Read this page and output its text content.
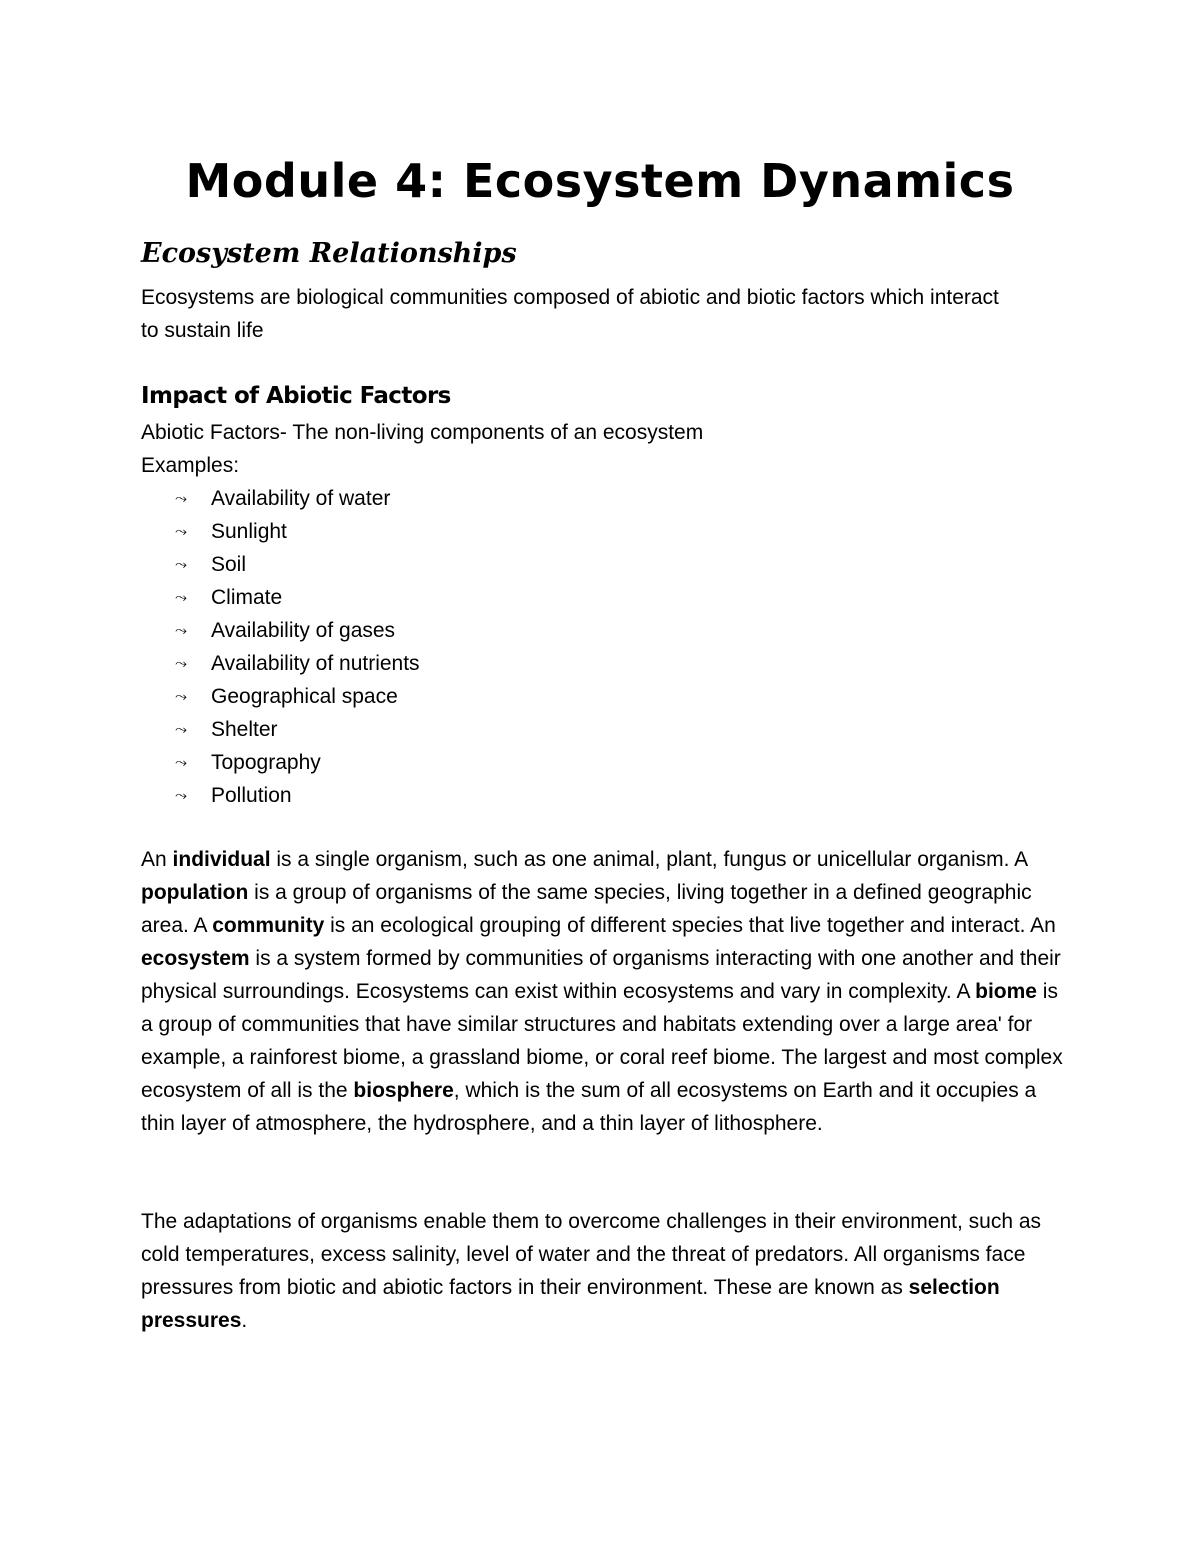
Module 4: Ecosystem Dynamics
Ecosystem Relationships

Ecosystems are biological communities composed of abiotic and biotic factors which interact to sustain life

Impact of Abiotic Factors

Abiotic Factors- The non-living components of an ecosystem

Examples:

⤳ Availability of water
⤳ Sunlight
⤳ Soil
⤳ Climate
⤳ Availability of gases
⤳ Availability of nutrients
⤳ Geographical space
⤳ Shelter
⤳ Topography
⤳ Pollution

An individual is a single organism, such as one animal, plant, fungus or unicellular organism. A population is a group of organisms of the same species, living together in a defined geographic area. A community is an ecological grouping of different species that live together and interact. An ecosystem is a system formed by communities of organisms interacting with one another and their physical surroundings. Ecosystems can exist within ecosystems and vary in complexity. A biome is a group of communities that have similar structures and habitats extending over a large area' for example, a rainforest biome, a grassland biome, or coral reef biome. The largest and most complex ecosystem of all is the biosphere, which is the sum of all ecosystems on Earth and it occupies a thin layer of atmosphere, the hydrosphere, and a thin layer of lithosphere.

The adaptations of organisms enable them to overcome challenges in their environment, such as cold temperatures, excess salinity, level of water and the threat of predators. All organisms face pressures from biotic and abiotic factors in their environment. These are known as selection pressures.
